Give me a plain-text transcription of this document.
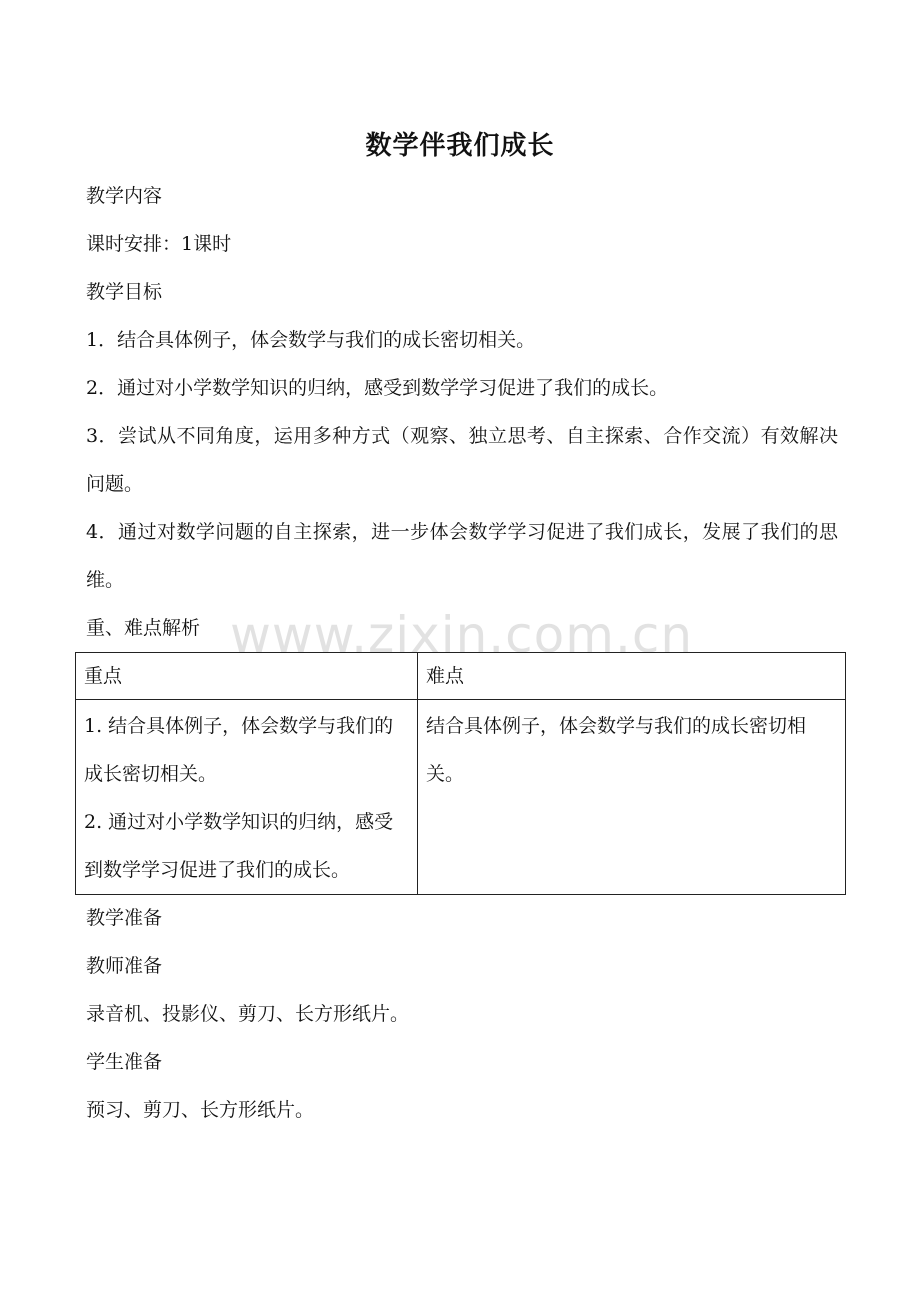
数学伴我们成长
教学内容
课时安排：1课时
教学目标
1．结合具体例子，体会数学与我们的成长密切相关。
2．通过对小学数学知识的归纳，感受到数学学习促进了我们的成长。
3．尝试从不同角度，运用多种方式（观察、独立思考、自主探索、合作交流）有效解决问题。
4．通过对数学问题的自主探索，进一步体会数学学习促进了我们成长，发展了我们的思维。
重、难点解析 www.zixin.com.cn
重点	难点

1. 结合具体例子，体会数学与我们的成长密切相关。
2. 通过对小学数学知识的归纳，感受到数学学习促进了我们的成长。	结合具体例子，体会数学与我们的成长密切相关。
教学准备
教师准备
录音机、投影仪、剪刀、长方形纸片。
学生准备
预习、剪刀、长方形纸片。
